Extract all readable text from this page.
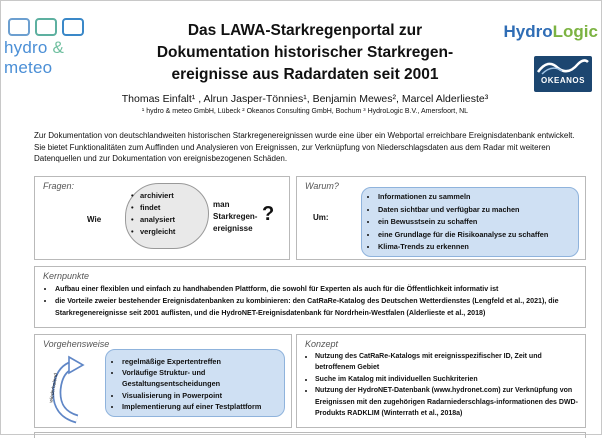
hydro & meteo
HydroLogic
OKEANOS
Das LAWA-Starkregenportal zur
Dokumentation historischer Starkregen-
ereignisse aus Radardaten seit 2001
Thomas Einfalt¹ , Alrun Jasper-Tönnies¹, Benjamin Mewes², Marcel Alderlieste³
¹ hydro & meteo GmbH, Lübeck ² Okeanos Consulting GmbH, Bochum ³ HydroLogic B.V., Amersfoort, NL
Zur Dokumentation von deutschlandweiten historischen Starkregenereignissen wurde eine über ein Webportal erreichbare Ereignisdatenbank entwickelt. Sie bietet Funktionalitäten zum Auffinden und Analysieren von Ereignissen, zur Verknüpfung von Niederschlagsdaten aus dem Radar mit weiteren Datenquellen und zur Dokumentation von ereignisbezogenen Schäden.
Fragen:
Wie
• archiviert
• findet
• analysiert
• vergleicht
man
Starkregen-
ereignisse
?
Warum?
Um:
• Informationen zu sammeln
• Daten sichtbar und verfügbar zu machen
• ein Bewusstsein zu schaffen
• eine Grundlage für die Risikoanalyse zu schaffen
• Klima-Trends zu erkennen
Kernpunkte
• Aufbau einer flexiblen und einfach zu handhabenden Plattform, die sowohl für Experten als auch für die Öffentlichkeit informativ ist
• die Vorteile zweier bestehender Ereignisdatenbanken zu kombinieren: den CatRaRe-Katalog des Deutschen Wetterdienstes (Lengfeld et al., 2021), die Starkregenereignisse seit 2001 auflisten, und die HydroNET-Ereignisdatenbank für Nordrhein-Westfalen (Alderlieste et al., 2018)
Vorgehensweise
wiederholend
• regelmäßige Expertentreffen
• Vorläufige Struktur- und Gestaltungsentscheidungen
• Visualisierung in Powerpoint
• Implementierung auf einer Testplattform
Konzept
• Nutzung des CatRaRe-Katalogs mit ereignisspezifischer ID, Zeit und betroffenem Gebiet
• Suche im Katalog mit individuellen Suchkriterien
• Nutzung der HydroNET-Datenbank (www.hydronet.com) zur Verknüpfung von Ereignissen mit den zugehörigen Radarniederschlags-informationen des DWD-Produkts RADKLIM (Winterrath et al., 2018a)
